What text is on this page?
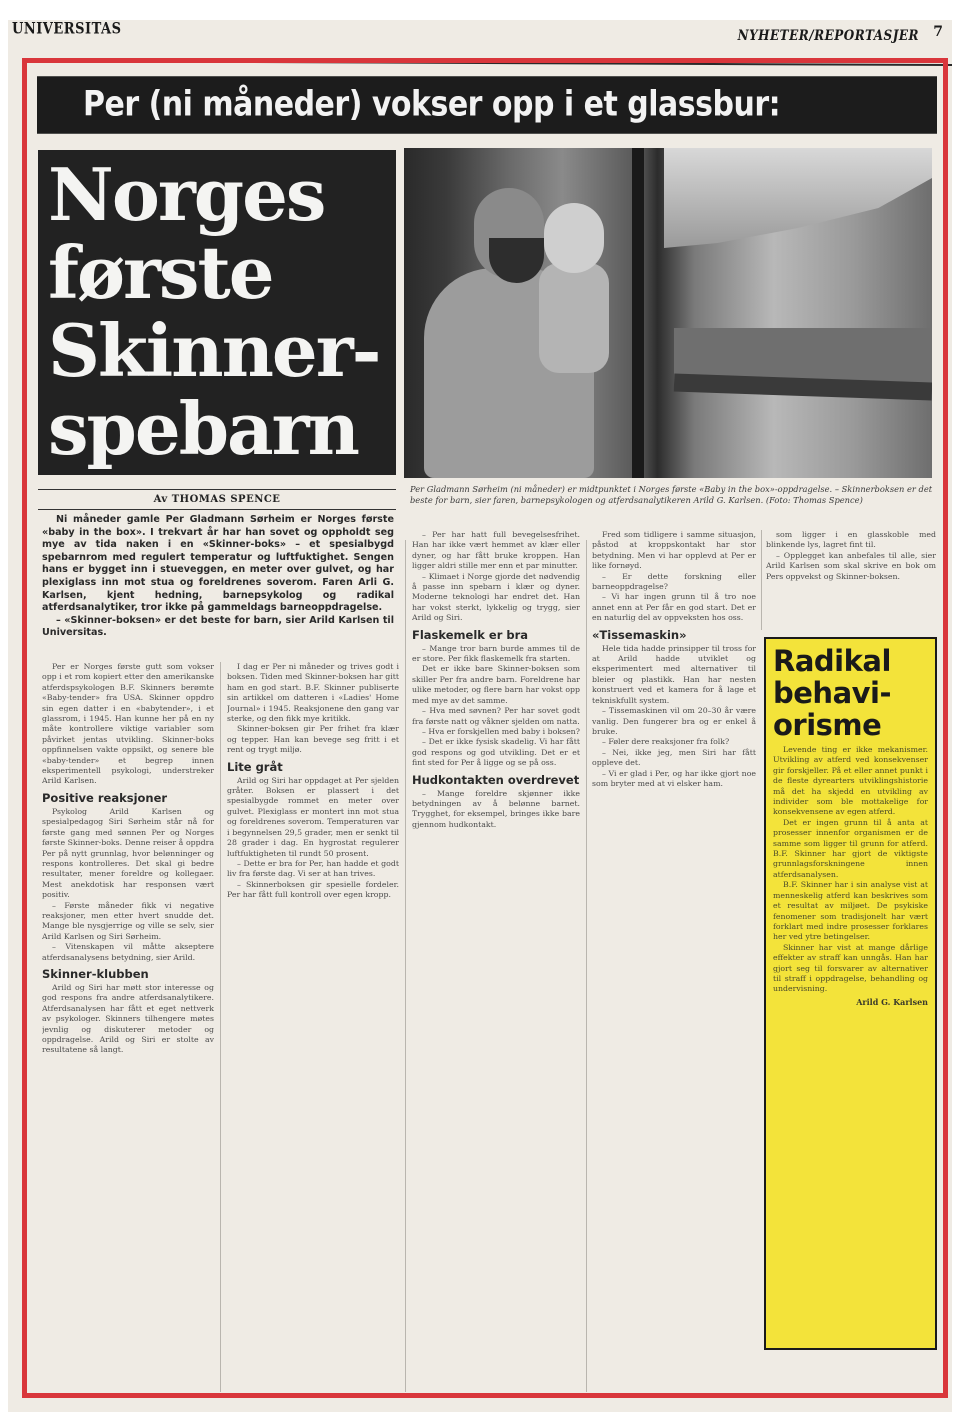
UNIVERSITAS	NYHETER/REPORTASJER 7
Per (ni måneder) vokser opp i et glassbur:
Norges
første
Skinner-
spebarn
Av THOMAS SPENCE

Ni måneder gamle Per Gladmann Sørheim er Norges første «baby in the box». I trekvart år har han sovet og oppholdt seg mye av tida naken i en «Skinner-boks» – et spesialbygd spebarnrom med regulert temperatur og luftfuktighet. Sengen hans er bygget inn i stueveggen, en meter over gulvet, og har plexiglass inn mot stua og foreldrenes soverom. Faren Arli G. Karlsen, kjent hedning, barnepsykolog og radikal atferdsanalytiker, tror ikke på gammeldags barneoppdragelse.

– «Skinner-boksen» er det beste for barn, sier Arild Karlsen til Universitas.

Per Gladmann Sørheim (ni måneder) er midtpunktet i Norges første «Baby in the box»-oppdragelse. – Skinnerboksen er det beste for barn, sier faren, barnepsykologen og atferdsanalytikeren Arild G. Karlsen. (Foto: Thomas Spence)

Per er Norges første gutt som vokser opp i et rom kopiert etter den amerikanske atferdspsykologen B.F. Skinners berømte «Baby-tender» fra USA. Skinner oppdro sin egen datter i en «babytender», i et glassrom, i 1945. Han kunne her på en ny måte kontrollere viktige variabler som påvirket jentas utvikling. Skinner-boks oppfinnelsen vakte oppsikt, og senere ble «baby-tender» et begrep innen eksperimentell psykologi, understreker Arild Karlsen.

Positive reaksjoner

Psykolog Arild Karlsen og spesialpedagog Siri Sørheim står nå for første gang med sønnen Per og Norges første Skinner-boks. Denne reiser å oppdra Per på nytt grunnlag, hvor belønninger og respons kontrolleres. Det skal gi bedre resultater, mener foreldre og kollegaer. Mest anekdotisk har responsen vært positiv.

– Første måneder fikk vi negative reaksjoner, men etter hvert snudde det. Mange ble nysgjerrige og ville se selv, sier Arild Karlsen og Siri Sørheim.

– Vitenskapen vil måtte akseptere atferdsanalysens betydning, sier Arild.

Skinner-klubben

Arild og Siri har møtt stor interesse og god respons fra andre atferdsanalytikere. Atferdsanalysen har fått et eget nettverk av psykologer. Skinners tilhengere møtes jevnlig og diskuterer metoder og oppdragelse. Arild og Siri er stolte av resultatene så langt.

I dag er Per ni måneder og trives godt i boksen. Tiden med Skinner-boksen har gitt ham en god start. B.F. Skinner publiserte sin artikkel om datteren i «Ladies' Home Journal» i 1945. Reaksjonene den gang var sterke, og den fikk mye kritikk.

Skinner-boksen gir Per frihet fra klær og tepper. Han kan bevege seg fritt i et rent og trygt miljø.

Lite gråt

Arild og Siri har oppdaget at Per sjelden gråter. Boksen er plassert i det spesialbygde rommet en meter over gulvet. Plexiglass er montert inn mot stua og foreldrenes soverom. Temperaturen var i begynnelsen 29,5 grader, men er senkt til 28 grader i dag. En hygrostat regulerer luftfuktigheten til rundt 50 prosent.

– Dette er bra for Per, han hadde et godt liv fra første dag. Vi ser at han trives.

– Skinnerboksen gir spesielle fordeler. Per har fått full kontroll over egen kropp.

– Per har hatt full bevegelsesfrihet. Han har ikke vært hemmet av klær eller dyner, og har fått bruke kroppen. Han ligger aldri stille mer enn et par minutter.

– Klimaet i Norge gjorde det nødvendig å passe inn spebarn i klær og dyner. Moderne teknologi har endret det. Han har vokst sterkt, lykkelig og trygg, sier Arild og Siri.

Flaskemelk er bra

– Mange tror barn burde ammes til de er store. Per fikk flaskemelk fra starten.

Det er ikke bare Skinner-boksen som skiller Per fra andre barn. Foreldrene har ulike metoder, og flere barn har vokst opp med mye av det samme.

– Hva med søvnen? Per har sovet godt fra første natt og våkner sjelden om natta.

– Hva er forskjellen med baby i boksen?

– Det er ikke fysisk skadelig. Vi har fått god respons og god utvikling. Det er et fint sted for Per å ligge og se på oss.

Hudkontakten overdrevet

– Mange foreldre skjønner ikke betydningen av å belønne barnet. Trygghet, for eksempel, bringes ikke bare gjennom hudkontakt.

Fred som tidligere i samme situasjon, påstod at kroppskontakt har stor betydning. Men vi har opplevd at Per er like fornøyd.

– Er dette forskning eller barneoppdragelse?

– Vi har ingen grunn til å tro noe annet enn at Per får en god start. Det er en naturlig del av oppveksten hos oss.

«Tissemaskin»

Hele tida hadde prinsipper til tross for at Arild hadde utviklet og eksperimentert med alternativer til bleier og plastikk. Han har nesten konstruert ved et kamera for å lage et tekniskfullt system.

– Tissemaskinen vil om 20–30 år være vanlig. Den fungerer bra og er enkel å bruke.

– Føler dere reaksjoner fra folk?

– Nei, ikke jeg, men Siri har fått oppleve det.

– Vi er glad i Per, og har ikke gjort noe som bryter med at vi elsker ham.

som ligger i en glasskoble med blinkende lys, lagret fint til.

– Opplegget kan anbefales til alle, sier Arild Karlsen som skal skrive en bok om Pers oppvekst og Skinner-boksen.

Radikal
behavi-
orisme

Levende ting er ikke mekanismer. Utvikling av atferd ved konsekvenser gir forskjeller. På et eller annet punkt i de fleste dyrearters utviklingshistorie må det ha skjedd en utvikling av individer som ble mottakelige for konsekvensene av egen atferd.

Det er ingen grunn til å anta at prosesser innenfor organismen er de samme som ligger til grunn for atferd. B.F. Skinner har gjort de viktigste grunnlagsforskningene innen atferdsanalysen.

B.F. Skinner har i sin analyse vist at menneskelig atferd kan beskrives som et resultat av miljøet. De psykiske fenomener som tradisjonelt har vært forklart med indre prosesser forklares her ved ytre betingelser.

Skinner har vist at mange dårlige effekter av straff kan unngås. Han har gjort seg til forsvarer av alternativer til straff i oppdragelse, behandling og undervisning.

Arild G. Karlsen
